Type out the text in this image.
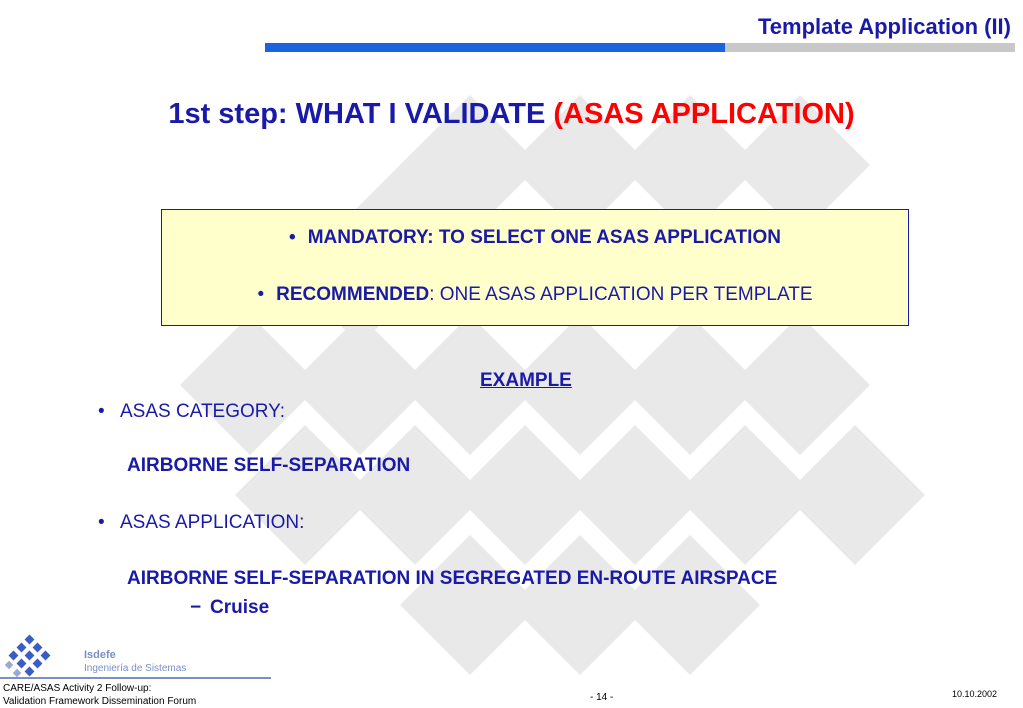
Template Application (II)
1st step: WHAT I VALIDATE (ASAS APPLICATION)
• MANDATORY: TO SELECT ONE ASAS APPLICATION
• RECOMMENDED: ONE ASAS APPLICATION PER TEMPLATE
EXAMPLE
• ASAS CATEGORY:
AIRBORNE SELF-SEPARATION
• ASAS APPLICATION:
AIRBORNE SELF-SEPARATION IN SEGREGATED EN-ROUTE AIRSPACE
− Cruise
Isdefe
Ingeniería de Sistemas
CARE/ASAS Activity 2 Follow-up:
Validation Framework Dissemination Forum	- 14 -	10.10.2002
